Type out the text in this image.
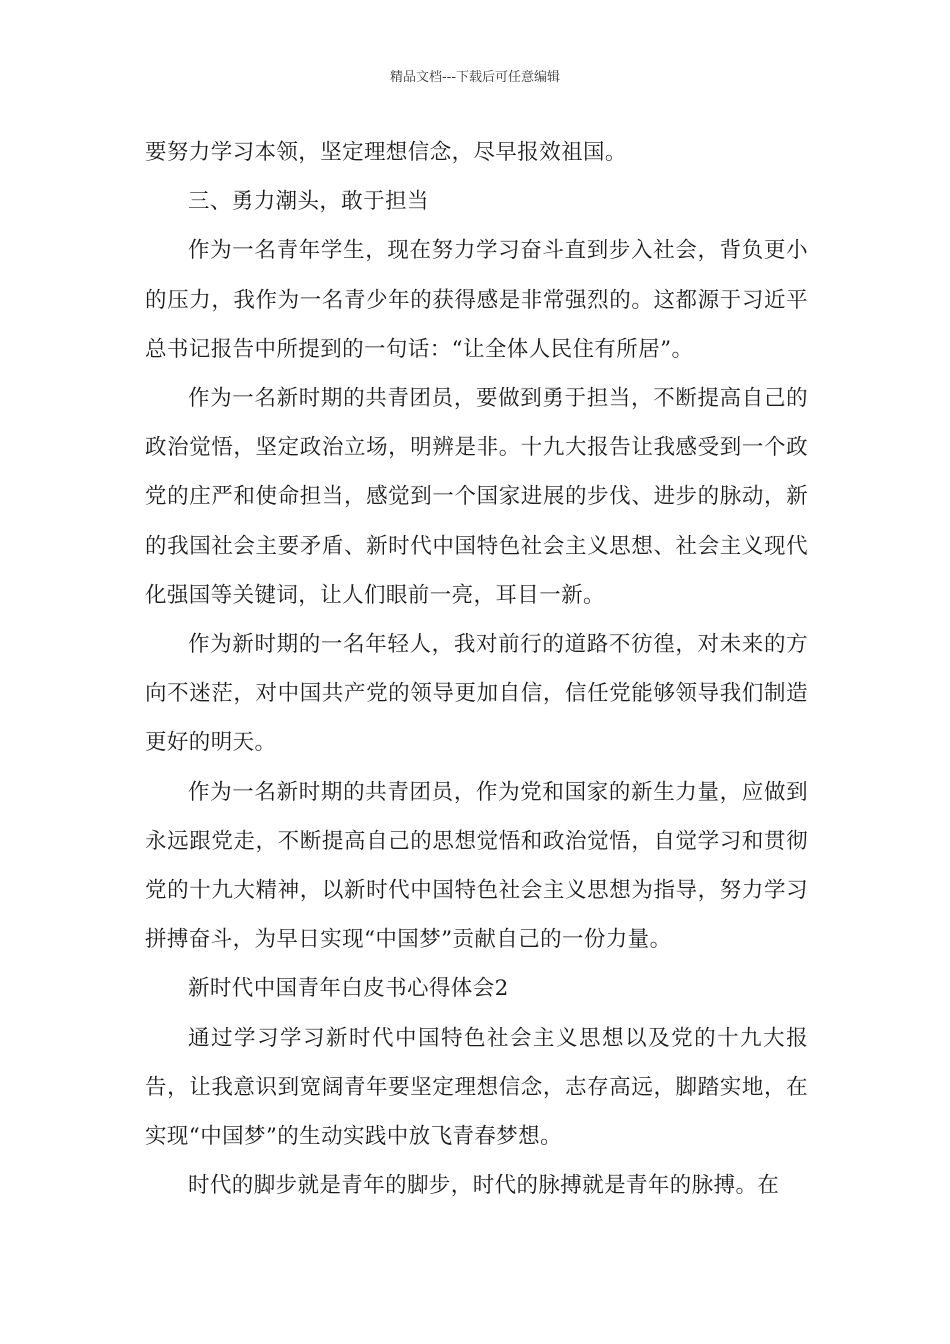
精品文档---下载后可任意编辑

要努力学习本领，坚定理想信念，尽早报效祖国。

三、勇力潮头，敢于担当

作为一名青年学生，现在努力学习奋斗直到步入社会，背负更小的压力，我作为一名青少年的获得感是非常强烈的。这都源于习近平总书记报告中所提到的一句话：“让全体人民住有所居”。

作为一名新时期的共青团员，要做到勇于担当，不断提高自己的政治觉悟，坚定政治立场，明辨是非。十九大报告让我感受到一个政党的庄严和使命担当，感觉到一个国家进展的步伐、进步的脉动，新的我国社会主要矛盾、新时代中国特色社会主义思想、社会主义现代化强国等关键词，让人们眼前一亮，耳目一新。

作为新时期的一名年轻人，我对前行的道路不彷徨，对未来的方向不迷茫，对中国共产党的领导更加自信，信任党能够领导我们制造更好的明天。

作为一名新时期的共青团员，作为党和国家的新生力量，应做到永远跟党走，不断提高自己的思想觉悟和政治觉悟，自觉学习和贯彻党的十九大精神，以新时代中国特色社会主义思想为指导，努力学习拼搏奋斗，为早日实现“中国梦”贡献自己的一份力量。

新时代中国青年白皮书心得体会2

通过学习学习新时代中国特色社会主义思想以及党的十九大报告，让我意识到宽阔青年要坚定理想信念，志存高远，脚踏实地，在实现“中国梦”的生动实践中放飞青春梦想。

时代的脚步就是青年的脚步，时代的脉搏就是青年的脉搏。在
